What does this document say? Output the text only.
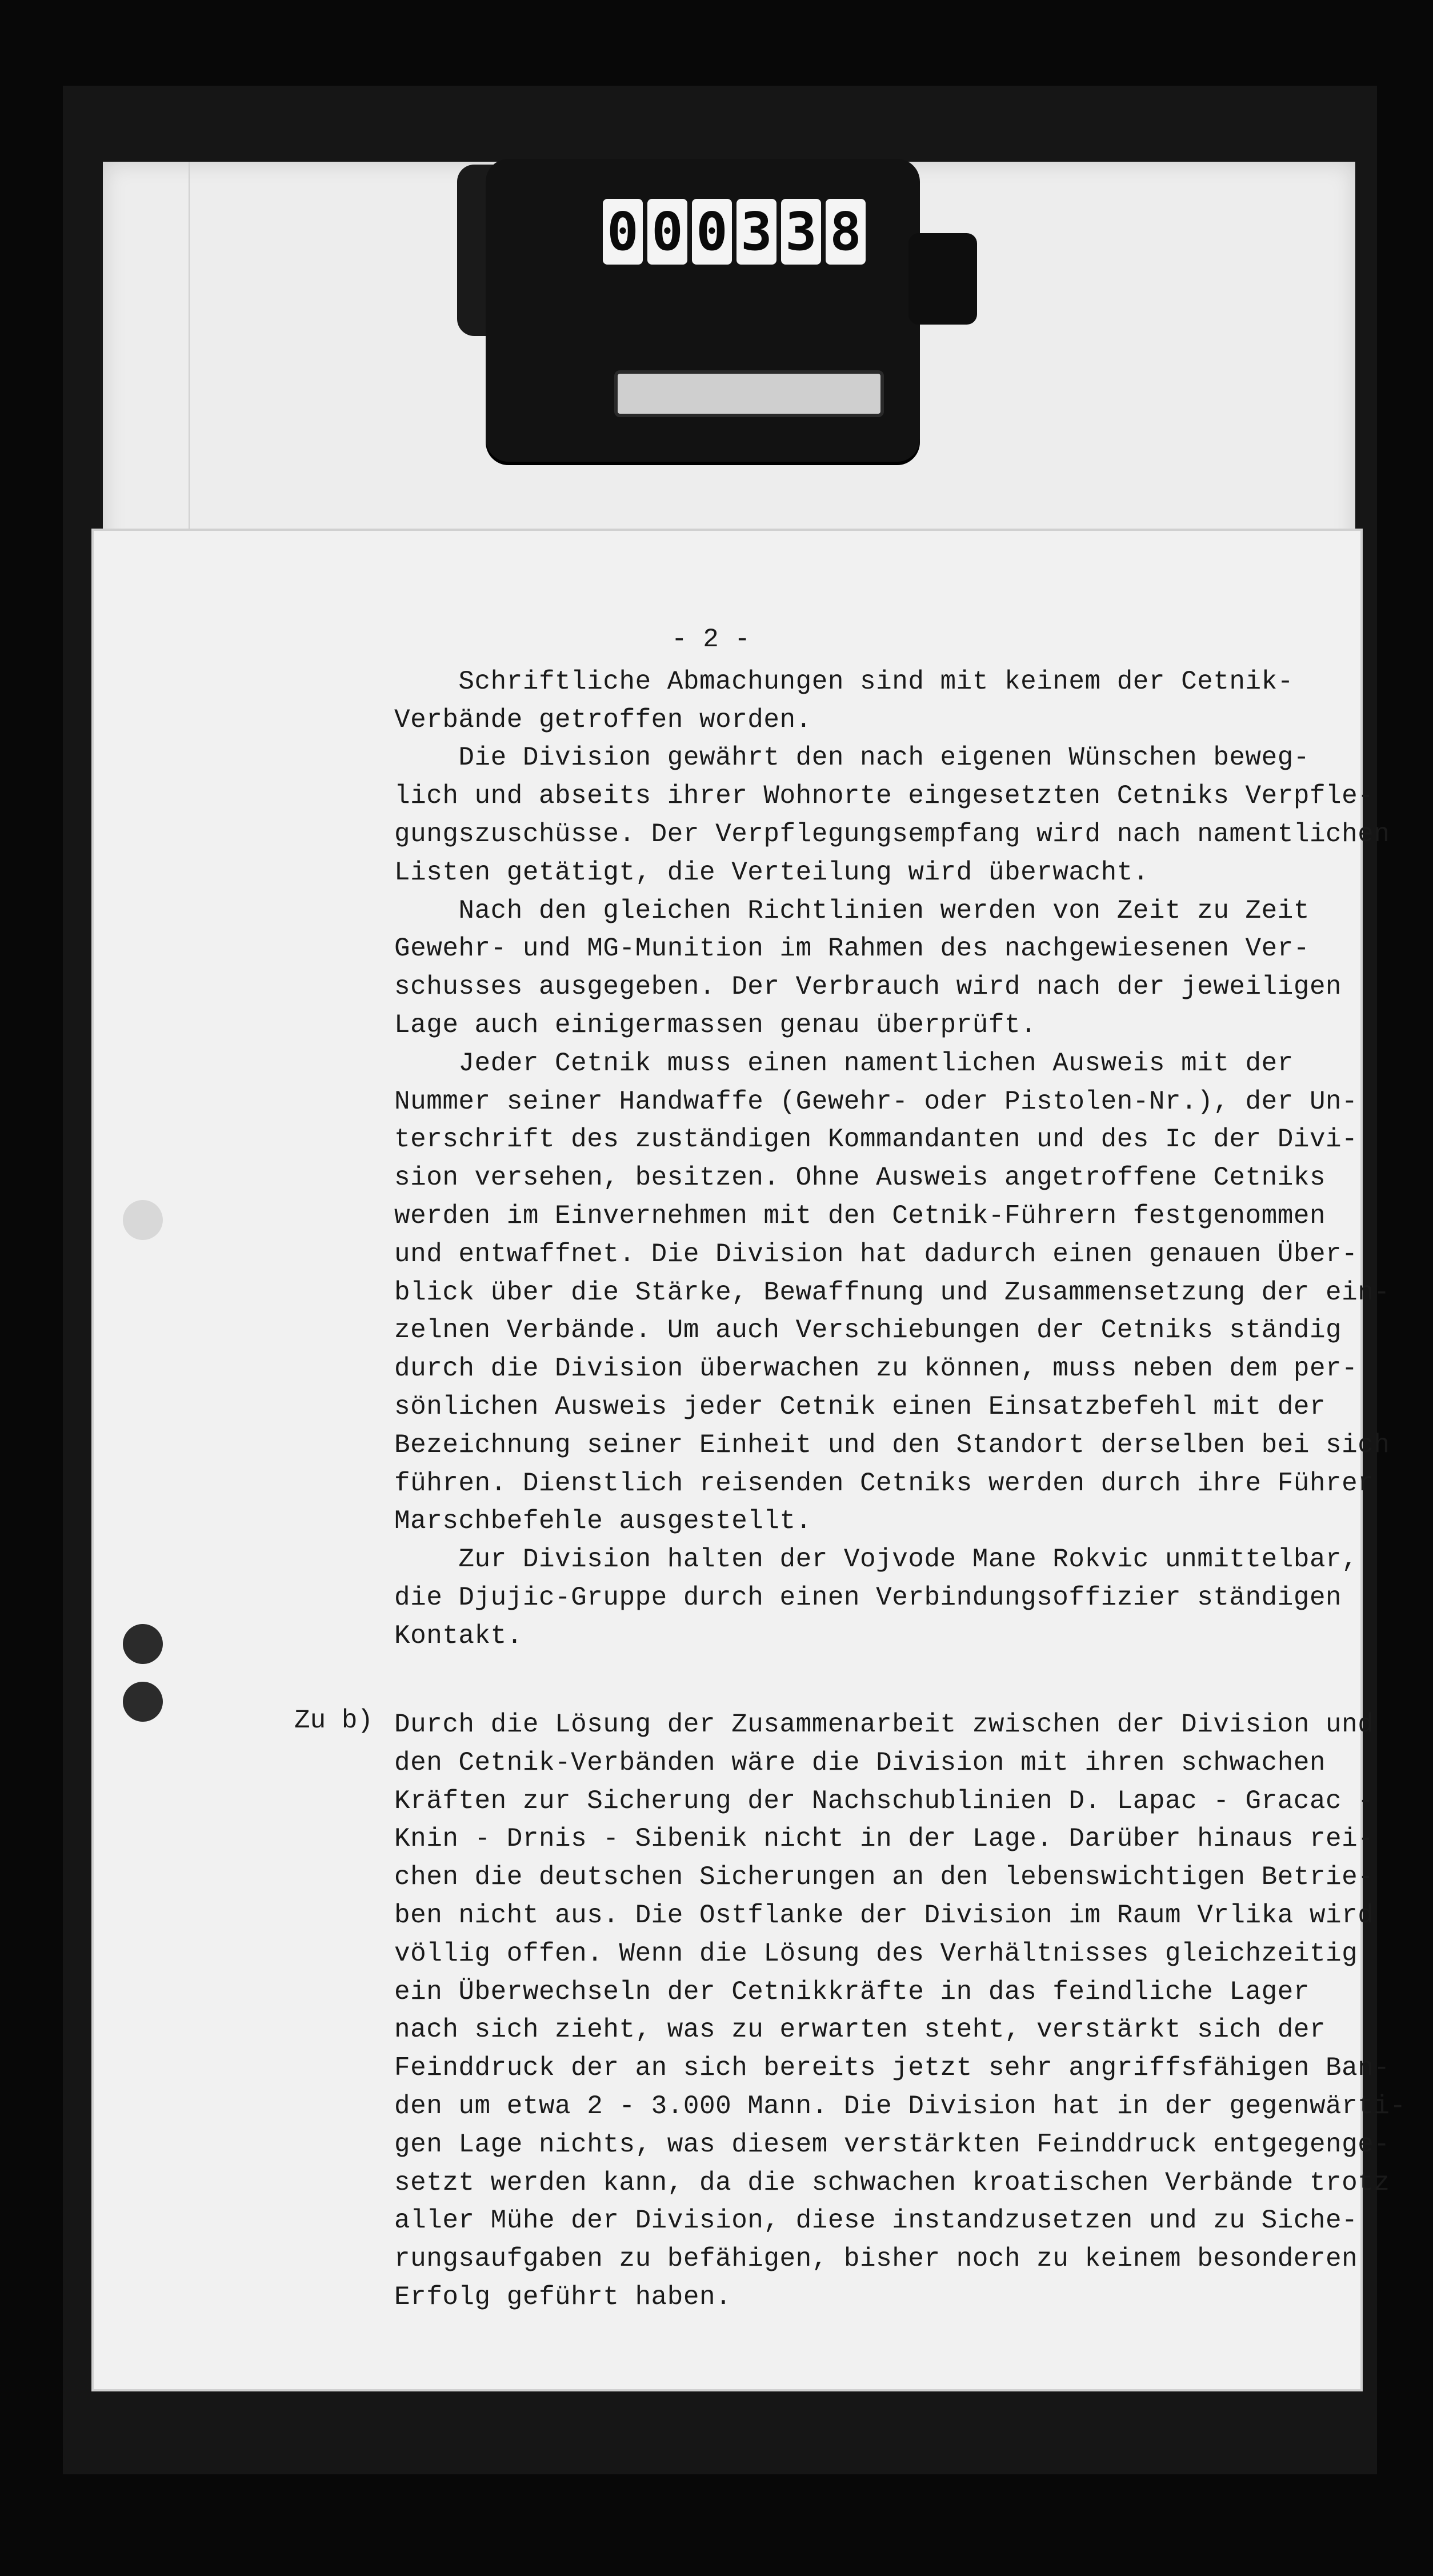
0 0 0 3 3 8
- 2 -
Schriftliche Abmachungen sind mit keinem der Cetnik-
Verbände getroffen worden.
Die Division gewährt den nach eigenen Wünschen beweg-
lich und abseits ihrer Wohnorte eingesetzten Cetniks Verpfle-
gungszuschüsse. Der Verpflegungsempfang wird nach namentlichen
Listen getätigt, die Verteilung wird überwacht.
Nach den gleichen Richtlinien werden von Zeit zu Zeit
Gewehr- und MG-Munition im Rahmen des nachgewiesenen Ver-
schusses ausgegeben. Der Verbrauch wird nach der jeweiligen
Lage auch einigermassen genau überprüft.
Jeder Cetnik muss einen namentlichen Ausweis mit der
Nummer seiner Handwaffe (Gewehr- oder Pistolen-Nr.), der Un-
terschrift des zuständigen Kommandanten und des Ic der Divi-
sion versehen, besitzen. Ohne Ausweis angetroffene Cetniks
werden im Einvernehmen mit den Cetnik-Führern festgenommen
und entwaffnet. Die Division hat dadurch einen genauen Über-
blick über die Stärke, Bewaffnung und Zusammensetzung der ein-
zelnen Verbände. Um auch Verschiebungen der Cetniks ständig
durch die Division überwachen zu können, muss neben dem per-
sönlichen Ausweis jeder Cetnik einen Einsatzbefehl mit der
Bezeichnung seiner Einheit und den Standort derselben bei sich
führen. Dienstlich reisenden Cetniks werden durch ihre Führer
Marschbefehle ausgestellt.
Zur Division halten der Vojvode Mane Rokvic unmittelbar,
die Djujic-Gruppe durch einen Verbindungsoffizier ständigen
Kontakt.
Zu b) Durch die Lösung der Zusammenarbeit zwischen der Division und
den Cetnik-Verbänden wäre die Division mit ihren schwachen
Kräften zur Sicherung der Nachschublinien D. Lapac - Gracac -
Knin - Drnis - Sibenik nicht in der Lage. Darüber hinaus rei-
chen die deutschen Sicherungen an den lebenswichtigen Betrie-
ben nicht aus. Die Ostflanke der Division im Raum Vrlika wird
völlig offen. Wenn die Lösung des Verhältnisses gleichzeitig
ein Überwechseln der Cetnikkräfte in das feindliche Lager
nach sich zieht, was zu erwarten steht, verstärkt sich der
Feinddruck der an sich bereits jetzt sehr angriffsfähigen Ban-
den um etwa 2 - 3.000 Mann. Die Division hat in der gegenwärti-
gen Lage nichts, was diesem verstärkten Feinddruck entgegenge-
setzt werden kann, da die schwachen kroatischen Verbände trotz
aller Mühe der Division, diese instandzusetzen und zu Siche-
rungsaufgaben zu befähigen, bisher noch zu keinem besonderen
Erfolg geführt haben.
